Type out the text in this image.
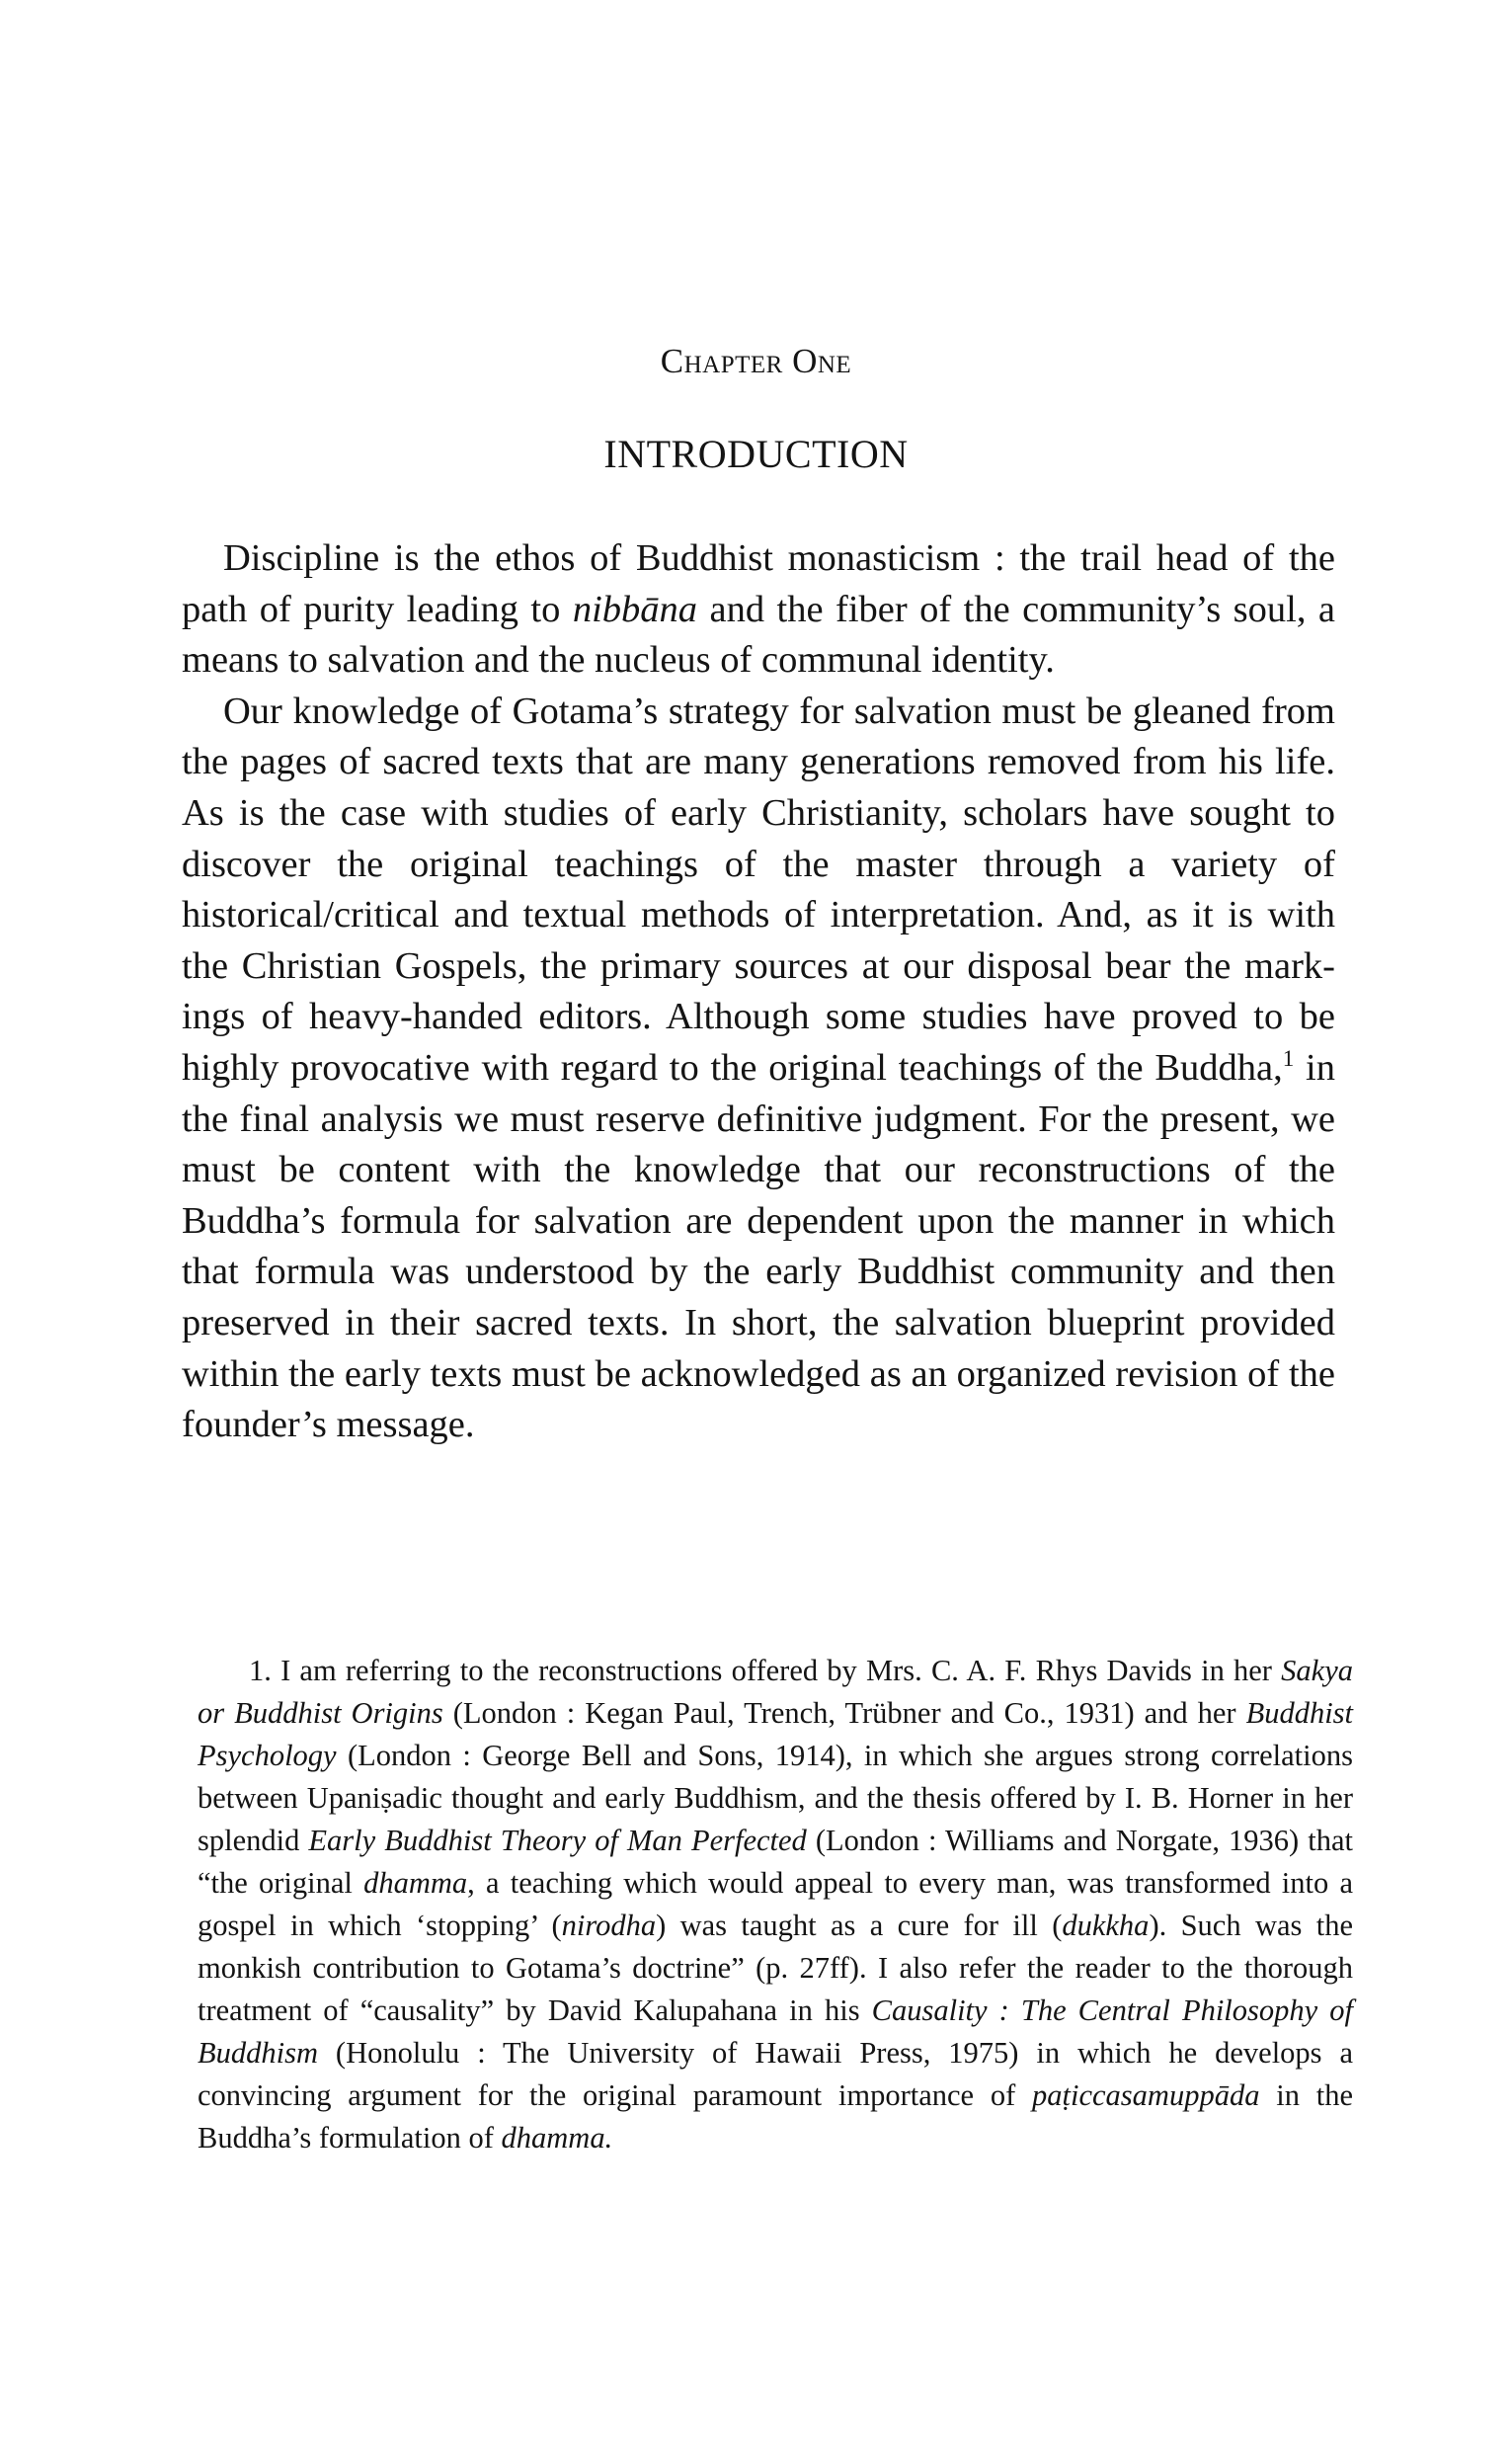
Chapter One
INTRODUCTION

Discipline is the ethos of Buddhist monasticism : the trail head of the path of purity leading to nibbāna and the fiber of the community’s soul, a means to salvation and the nucleus of communal identity.

Our knowledge of Gotama’s strategy for salvation must be gleaned from the pages of sacred texts that are many generations removed from his life. As is the case with studies of early Christianity, scholars have sought to discover the original teachings of the master through a variety of historical/critical and textual methods of interpretation. And, as it is with the Christian Gospels, the primary sources at our disposal bear the markings of heavy-handed editors. Although some studies have proved to be highly provocative with regard to the original teachings of the Buddha,$^1$ in the final analysis we must reserve definitive judgment. For the present, we must be content with the knowledge that our reconstructions of the Buddha’s formula for salvation are dependent upon the manner in which that formula was understood by the early Buddhist community and then preserved in their sacred texts. In short, the salvation blueprint provided within the early texts must be acknowledged as an organized revision of the founder’s message.

1. I am referring to the reconstructions offered by Mrs. C. A. F. Rhys Davids in her Sakya or Buddhist Origins (London : Kegan Paul, Trench, Trübner and Co., 1931) and her Buddhist Psychology (London : George Bell and Sons, 1914), in which she argues strong correlations between Upaniṣadic thought and early Buddhism, and the thesis offered by I. B. Horner in her splendid Early Buddhist Theory of Man Perfected (London : Williams and Norgate, 1936) that “the original dhamma, a teaching which would appeal to every man, was transformed into a gospel in which ‘stopping’ (nirodha) was taught as a cure for ill (dukkha). Such was the monkish contribution to Gotama’s doctrine” (p. 27ff). I also refer the reader to the thorough treatment of “causality” by David Kalupahana in his Causality : The Central Philosophy of Buddhism (Honolulu : The University of Hawaii Press, 1975) in which he develops a convincing argument for the original paramount importance of paṭiccasamuppāda in the Buddha’s formulation of dhamma.
